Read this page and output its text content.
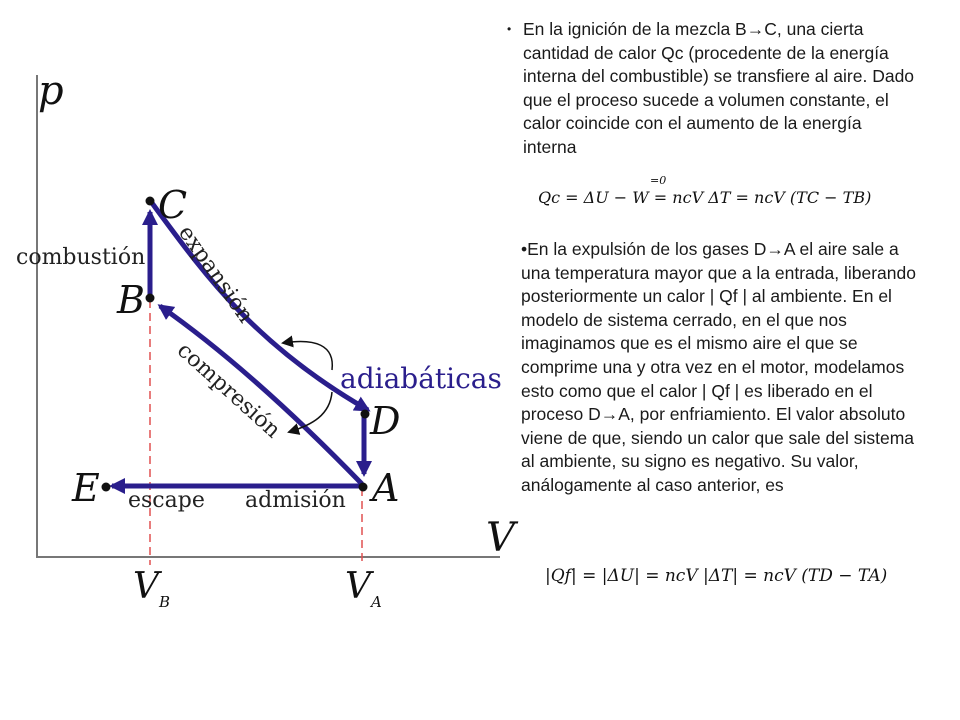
p
V
C
B
D
A
E
combustión expansión
compresión
escape admisión
adiabáticas
$V_B$	$V_A$
• En la ignición de la mezcla B→C, una cierta cantidad de calor Qc (procedente de la energía interna del combustible) se transfiere al aire. Dado que el proceso sucede a volumen constante, el calor coincide con el aumento de la energía interna
=0
Qc = ΔU − W = ncV ΔT = ncV (TC − TB)
•En la expulsión de los gases D→A el aire sale a una temperatura mayor que a la entrada, liberando posteriormente un calor | Qf | al ambiente. En el modelo de sistema cerrado, en el que nos imaginamos que es el mismo aire el que se comprime una y otra vez en el motor, modelamos esto como que el calor | Qf | es liberado en el proceso D→A, por enfriamiento. El valor absoluto viene de que, siendo un calor que sale del sistema al ambiente, su signo es negativo. Su valor, análogamente al caso anterior, es
|Qf| = |ΔU| = ncV |ΔT| = ncV (TD − TA)
